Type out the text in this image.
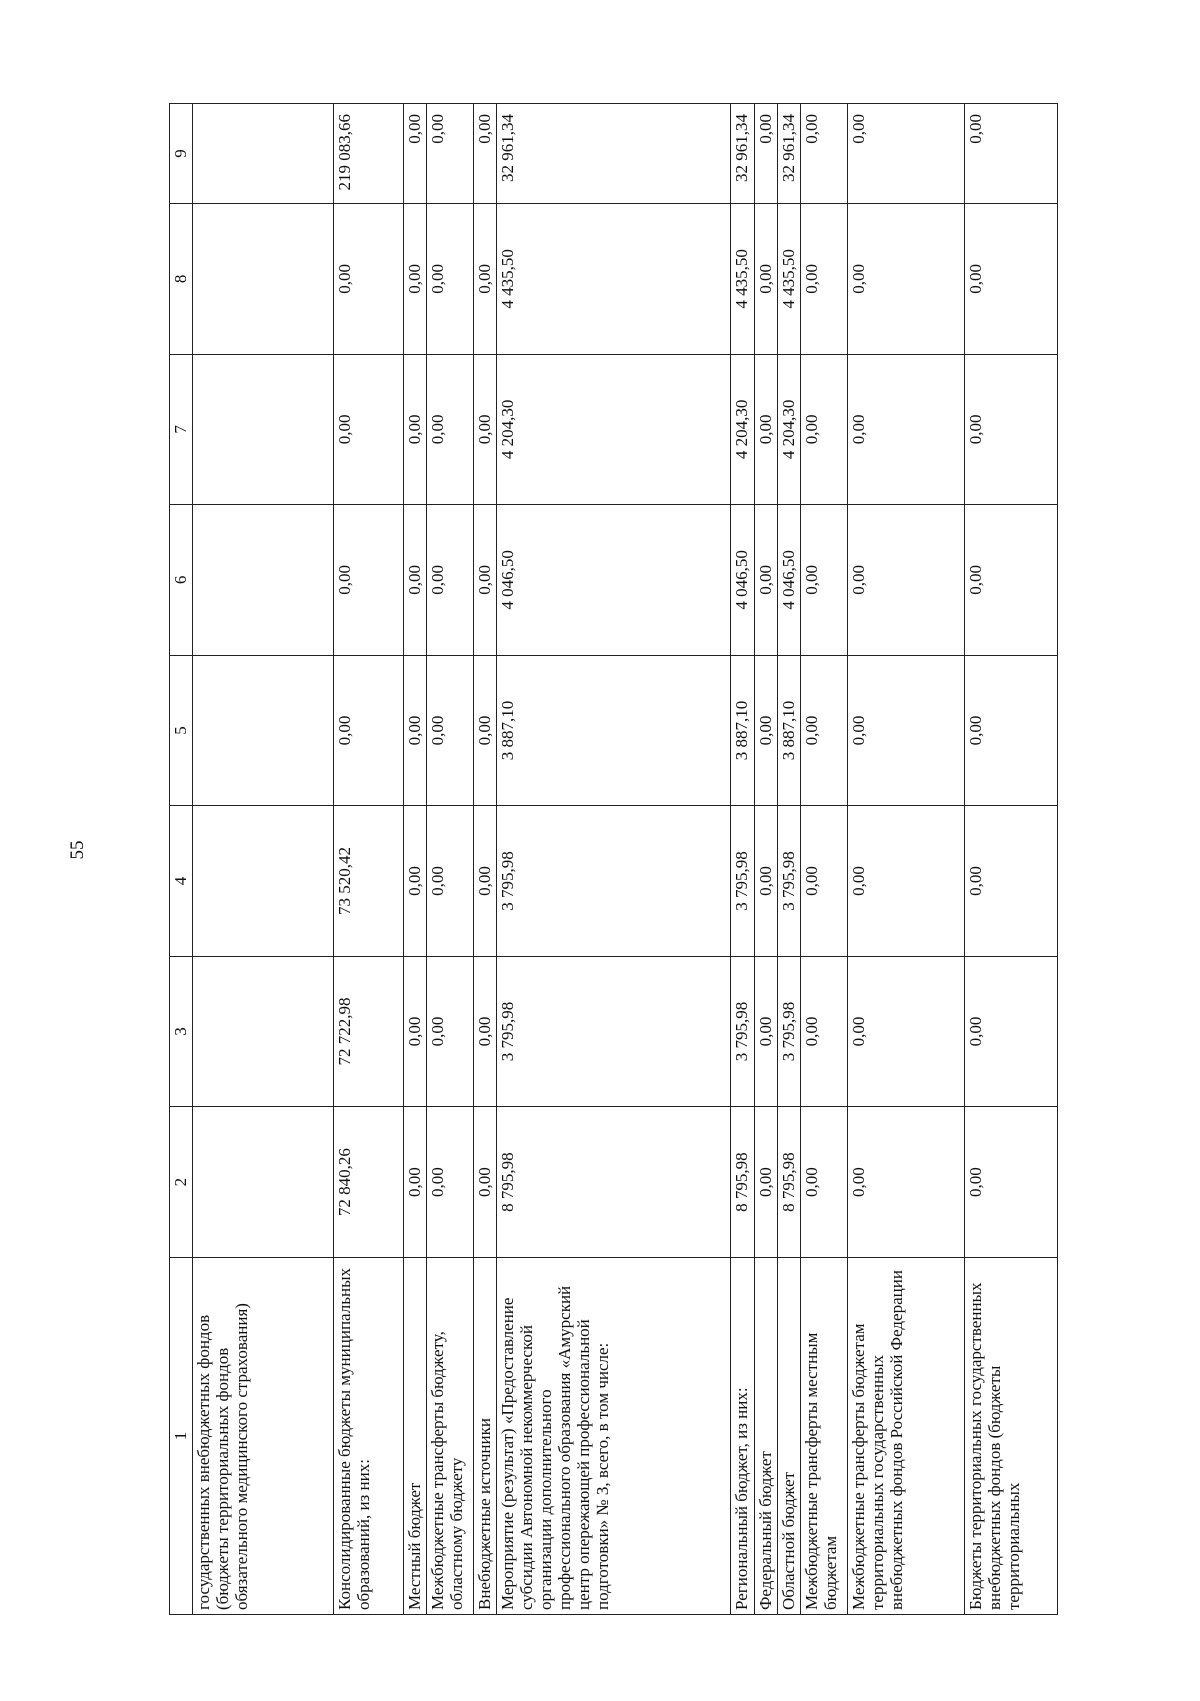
55
1	2	3	4	5	6	7	8	9
государственных внебюджетных фондов (бюджеты территориальных фондов обязательного медицинского страхования)								
Консолидированные бюджеты муниципальных образований, из них:	72 840,26	72 722,98	73 520,42	0,00	0,00	0,00	0,00	219 083,66
Местный бюджет	0,00	0,00	0,00	0,00	0,00	0,00	0,00	0,00
Межбюджетные трансферты бюджету, областному бюджету	0,00	0,00	0,00	0,00	0,00	0,00	0,00	0,00
Внебюджетные источники	0,00	0,00	0,00	0,00	0,00	0,00	0,00	0,00
Мероприятие (результат) «Предоставление субсидии Автономной некоммерческой организации дополнительного профессионального образования «Амурский центр опережающей профессиональной подготовки» № 3, всего, в том числе:	8 795,98	3 795,98	3 795,98	3 887,10	4 046,50	4 204,30	4 435,50	32 961,34
Региональный бюджет, из них:	8 795,98	3 795,98	3 795,98	3 887,10	4 046,50	4 204,30	4 435,50	32 961,34
Федеральный бюджет	0,00	0,00	0,00	0,00	0,00	0,00	0,00	0,00
Областной бюджет	8 795,98	3 795,98	3 795,98	3 887,10	4 046,50	4 204,30	4 435,50	32 961,34
Межбюджетные трансферты местным бюджетам	0,00	0,00	0,00	0,00	0,00	0,00	0,00	0,00
Межбюджетные трансферты бюджетам территориальных государственных внебюджетных фондов Российской Федерации	0,00	0,00	0,00	0,00	0,00	0,00	0,00	0,00
Бюджеты территориальных государственных внебюджетных фондов (бюджеты территориальных	0,00	0,00	0,00	0,00	0,00	0,00	0,00	0,00
